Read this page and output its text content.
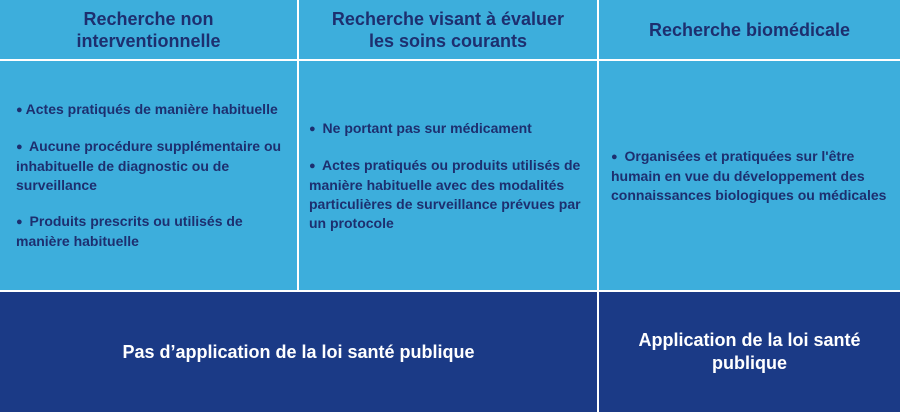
Recherche non
interventionnelle
Recherche visant à évaluer
les soins courants
Recherche biomédicale

● Actes pratiqués de manière habituelle

● Aucune procédure supplémentaire ou inhabituelle de diagnostic ou de surveillance

● Produits prescrits ou utilisés de manière habituelle

● Ne portant pas sur médicament

● Actes pratiqués ou produits utilisés de manière habituelle avec des modalités particulières de surveillance prévues par un protocole

● Organisées et pratiquées sur l'être humain en vue du développement des connaissances biologiques ou médicales

Pas d’application de la loi santé publique
Application de la loi santé
publique
